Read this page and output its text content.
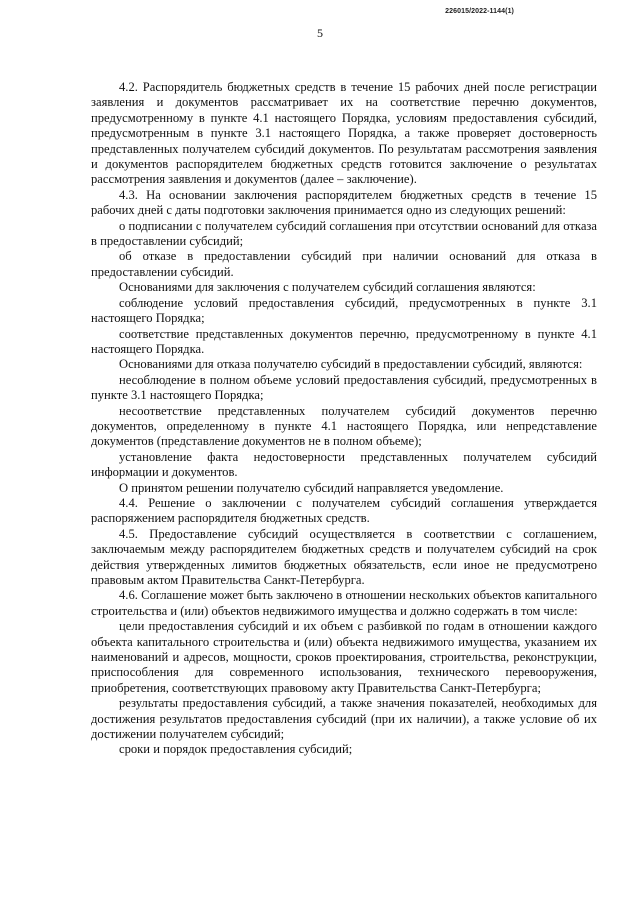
226015/2022-1144(1)
5

4.2. Распорядитель бюджетных средств в течение 15 рабочих дней после регистрации заявления и документов рассматривает их на соответствие перечню документов, предусмотренному в пункте 4.1 настоящего Порядка, условиям предоставления субсидий, предусмотренным в пункте 3.1 настоящего Порядка, а также проверяет достоверность представленных получателем субсидий документов. По результатам рассмотрения заявления и документов распорядителем бюджетных средств готовится заключение о результатах рассмотрения заявления и документов (далее – заключение).

4.3. На основании заключения распорядителем бюджетных средств в течение 15 рабочих дней с даты подготовки заключения принимается одно из следующих решений:

о подписании с получателем субсидий соглашения при отсутствии оснований для отказа в предоставлении субсидий;

об отказе в предоставлении субсидий при наличии оснований для отказа в предоставлении субсидий.

Основаниями для заключения с получателем субсидий соглашения являются:

соблюдение условий предоставления субсидий, предусмотренных в пункте 3.1 настоящего Порядка;

соответствие представленных документов перечню, предусмотренному в пункте 4.1 настоящего Порядка.

Основаниями для отказа получателю субсидий в предоставлении субсидий, являются:

несоблюдение в полном объеме условий предоставления субсидий, предусмотренных в пункте 3.1 настоящего Порядка;

несоответствие представленных получателем субсидий документов перечню документов, определенному в пункте 4.1 настоящего Порядка, или непредставление документов (представление документов не в полном объеме);

установление факта недостоверности представленных получателем субсидий информации и документов.

О принятом решении получателю субсидий направляется уведомление.

4.4. Решение о заключении с получателем субсидий соглашения утверждается распоряжением распорядителя бюджетных средств.

4.5. Предоставление субсидий осуществляется в соответствии с соглашением, заключаемым между распорядителем бюджетных средств и получателем субсидий на срок действия утвержденных лимитов бюджетных обязательств, если иное не предусмотрено правовым актом Правительства Санкт-Петербурга.

4.6. Соглашение может быть заключено в отношении нескольких объектов капитального строительства и (или) объектов недвижимого имущества и должно содержать в том числе:

цели предоставления субсидий и их объем с разбивкой по годам в отношении каждого объекта капитального строительства и (или) объекта недвижимого имущества, указанием их наименований и адресов, мощности, сроков проектирования, строительства, реконструкции, приспособления для современного использования, технического перевооружения, приобретения, соответствующих правовому акту Правительства Санкт-Петербурга;

результаты предоставления субсидий, а также значения показателей, необходимых для достижения результатов предоставления субсидий (при их наличии), а также условие об их достижении получателем субсидий;

сроки и порядок предоставления субсидий;
